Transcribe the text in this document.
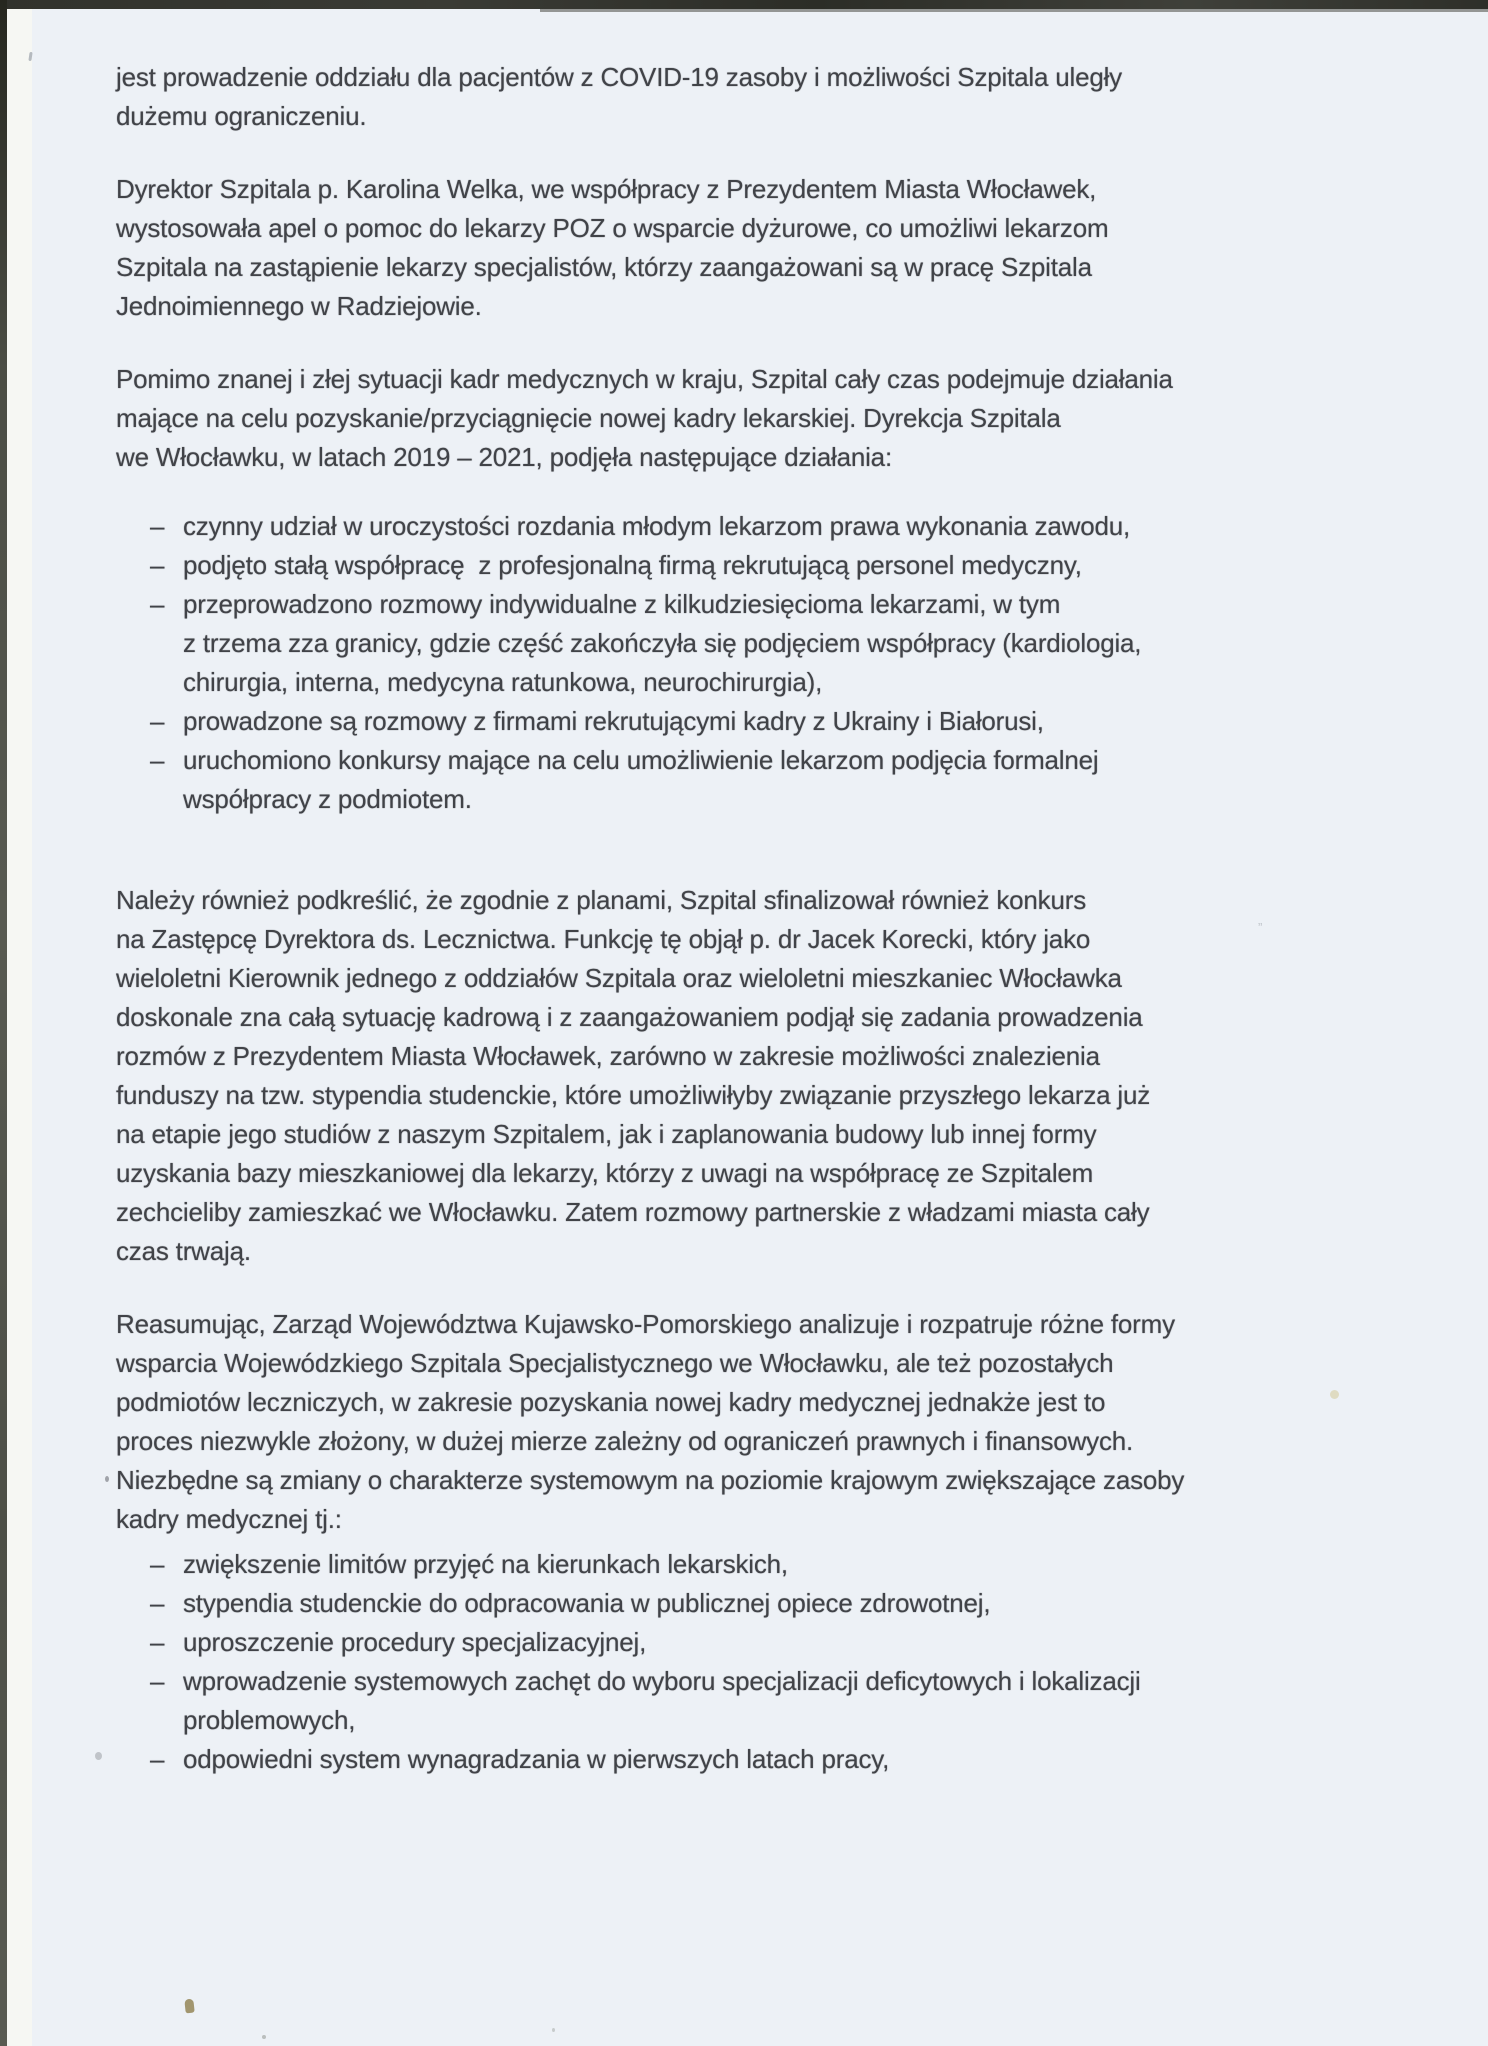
jest prowadzenie oddziału dla pacjentów z COVID-19 zasoby i możliwości Szpitala uległy
dużemu ograniczeniu.
Dyrektor Szpitala p. Karolina Welka, we współpracy z Prezydentem Miasta Włocławek,
wystosowała apel o pomoc do lekarzy POZ o wsparcie dyżurowe, co umożliwi lekarzom
Szpitala na zastąpienie lekarzy specjalistów, którzy zaangażowani są w pracę Szpitala
Jednoimiennego w Radziejowie.
Pomimo znanej i złej sytuacji kadr medycznych w kraju, Szpital cały czas podejmuje działania
mające na celu pozyskanie/przyciągnięcie nowej kadry lekarskiej. Dyrekcja Szpitala
we Włocławku, w latach 2019 – 2021, podjęła następujące działania:
– czynny udział w uroczystości rozdania młodym lekarzom prawa wykonania zawodu,
– podjęto stałą współpracę  z profesjonalną firmą rekrutującą personel medyczny,
– przeprowadzono rozmowy indywidualne z kilkudziesięcioma lekarzami, w tym
z trzema zza granicy, gdzie część zakończyła się podjęciem współpracy (kardiologia,
chirurgia, interna, medycyna ratunkowa, neurochirurgia),
– prowadzone są rozmowy z firmami rekrutującymi kadry z Ukrainy i Białorusi,
– uruchomiono konkursy mające na celu umożliwienie lekarzom podjęcia formalnej
współpracy z podmiotem.
Należy również podkreślić, że zgodnie z planami, Szpital sfinalizował również konkurs
na Zastępcę Dyrektora ds. Lecznictwa. Funkcję tę objął p. dr Jacek Korecki, który jako
wieloletni Kierownik jednego z oddziałów Szpitala oraz wieloletni mieszkaniec Włocławka
doskonale zna całą sytuację kadrową i z zaangażowaniem podjął się zadania prowadzenia
rozmów z Prezydentem Miasta Włocławek, zarówno w zakresie możliwości znalezienia
funduszy na tzw. stypendia studenckie, które umożliwiłyby związanie przyszłego lekarza już
na etapie jego studiów z naszym Szpitalem, jak i zaplanowania budowy lub innej formy
uzyskania bazy mieszkaniowej dla lekarzy, którzy z uwagi na współpracę ze Szpitalem
zechcieliby zamieszkać we Włocławku. Zatem rozmowy partnerskie z władzami miasta cały
czas trwają.
Reasumując, Zarząd Województwa Kujawsko-Pomorskiego analizuje i rozpatruje różne formy
wsparcia Wojewódzkiego Szpitala Specjalistycznego we Włocławku, ale też pozostałych
podmiotów leczniczych, w zakresie pozyskania nowej kadry medycznej jednakże jest to
proces niezwykle złożony, w dużej mierze zależny od ograniczeń prawnych i finansowych.
Niezbędne są zmiany o charakterze systemowym na poziomie krajowym zwiększające zasoby
kadry medycznej tj.:
– zwiększenie limitów przyjęć na kierunkach lekarskich,
– stypendia studenckie do odpracowania w publicznej opiece zdrowotnej,
– uproszczenie procedury specjalizacyjnej,
– wprowadzenie systemowych zachęt do wyboru specjalizacji deficytowych i lokalizacji
problemowych,
– odpowiedni system wynagradzania w pierwszych latach pracy,
”
